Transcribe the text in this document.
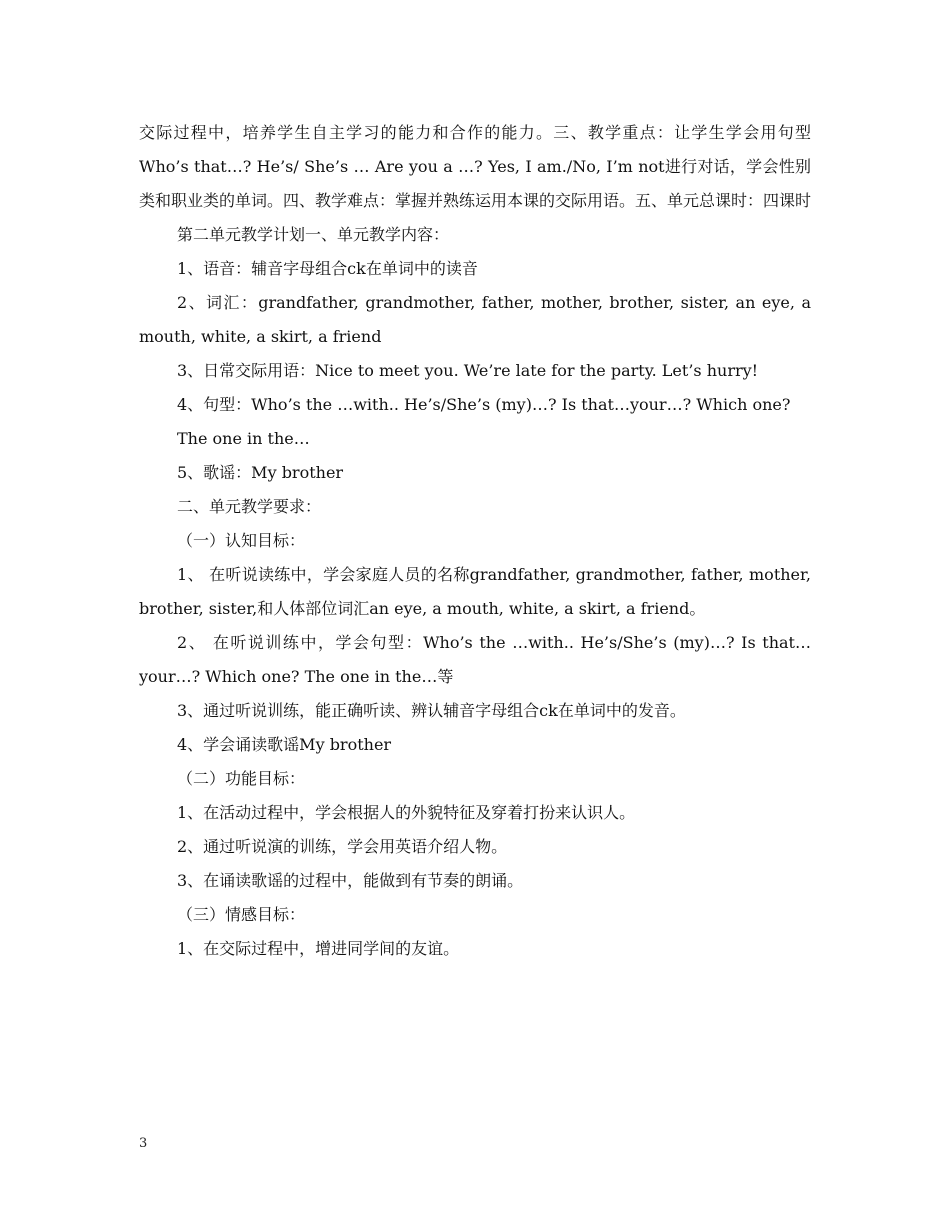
交际过程中，培养学生自主学习的能力和合作的能力。三、教学重点：让学生学会用句型Who’s that…? He’s/ She’s … Are you a …? Yes, I am./No, I’m not进行对话，学会性别类和职业类的单词。四、教学难点：掌握并熟练运用本课的交际用语。五、单元总课时：四课时

第二单元教学计划一、单元教学内容：

1、语音：辅音字母组合ck在单词中的读音

2、词汇：grandfather, grandmother, father, mother, brother, sister, an eye, a mouth, white, a skirt, a friend

3、日常交际用语：Nice to meet you. We’re late for the party. Let’s hurry!

4、句型：Who’s the …with.. He’s/She’s (my)…? Is that…your…? Which one?

The one in the…

5、歌谣：My brother

二、单元教学要求：

（一）认知目标：

1、 在听说读练中，学会家庭人员的名称grandfather, grandmother, father, mother, brother, sister,和人体部位词汇an eye, a mouth, white, a skirt, a friend。

2、 在听说训练中，学会句型：Who’s the …with.. He’s/She’s (my)…? Is that…your…? Which one? The one in the…等

3、通过听说训练，能正确听读、辨认辅音字母组合ck在单词中的发音。

4、学会诵读歌谣My brother

（二）功能目标：

1、在活动过程中，学会根据人的外貌特征及穿着打扮来认识人。

2、通过听说演的训练，学会用英语介绍人物。

3、在诵读歌谣的过程中，能做到有节奏的朗诵。

（三）情感目标：

1、在交际过程中，增进同学间的友谊。

3
